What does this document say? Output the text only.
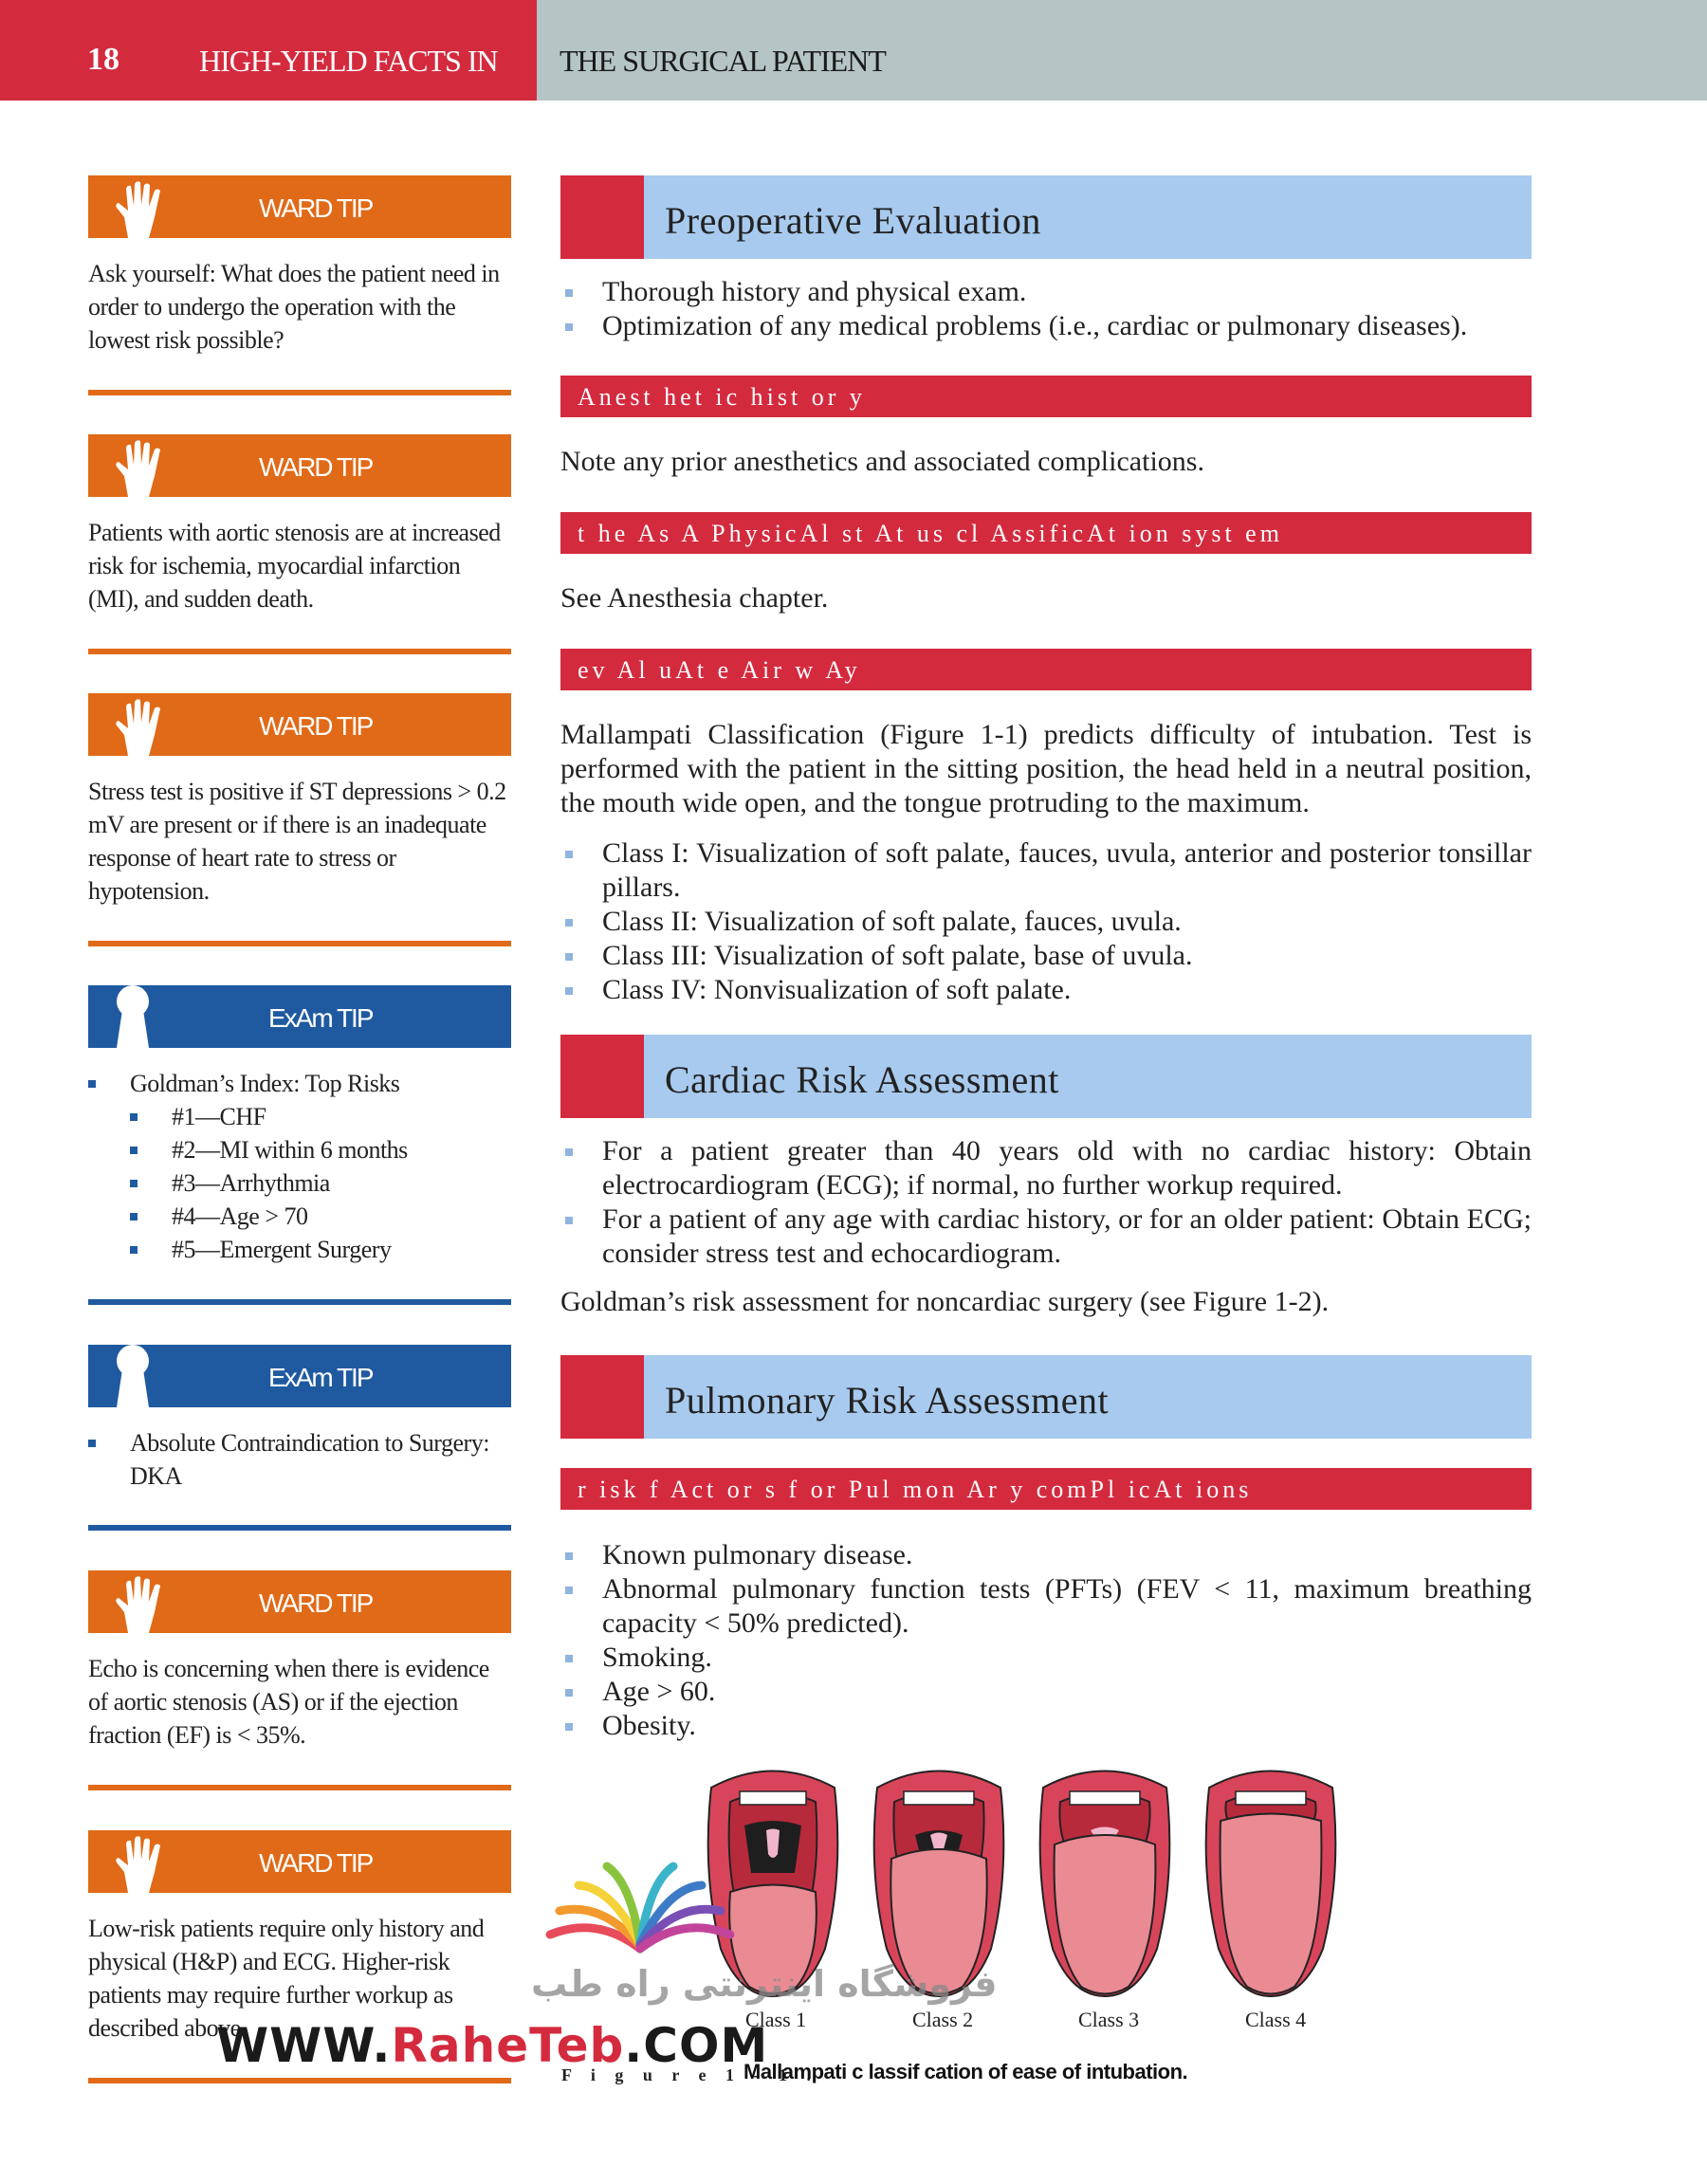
18	HIGH-YIELD FACTS IN THE SURGICAL PATIENT
WARD TIP
Ask yourself: What does the patient need in order to undergo the operation with the lowest risk possible?
WARD TIP
Patients with aortic stenosis are at increased risk for ischemia, myocardial infarction (MI), and sudden death.
WARD TIP
Stress test is positive if ST depressions > 0.2 mV are present or if there is an inadequate response of heart rate to stress or hypotension.
ExAm TIP
Goldman’s Index: Top Risks
#1—CHF
#2—MI within 6 months
#3—Arrhythmia
#4—Age > 70
#5—Emergent Surgery
ExAm TIP
Absolute Contraindication to Surgery: DKA
WARD TIP
Echo is concerning when there is evidence of aortic stenosis (AS) or if the ejection fraction (EF) is < 35%.
WARD TIP
Low-risk patients require only history and physical (H&P) and ECG. Higher-risk patients may require further workup as described above.
Preoperative Evaluation
Thorough history and physical exam.
Optimization of any medical problems (i.e., cardiac or pulmonary diseases).
Anest het ic hist or y
Note any prior anesthetics and associated complications.
t he As A PhysicAl st At us cl AssificAt ion syst em
See Anesthesia chapter.
ev Al uAt e Air w Ay
Mallampati Classification (Figure 1-1) predicts difficulty of intubation. Test is performed with the patient in the sitting position, the head held in a neutral position, the mouth wide open, and the tongue protruding to the maximum.
Class I: Visualization of soft palate, fauces, uvula, anterior and posterior tonsillar pillars.
Class II: Visualization of soft palate, fauces, uvula.
Class III: Visualization of soft palate, base of uvula.
Class IV: Nonvisualization of soft palate.
Cardiac Risk Assessment
For a patient greater than 40 years old with no cardiac history: Obtain electrocardiogram (ECG); if normal, no further workup required.
For a patient of any age with cardiac history, or for an older patient: Obtain ECG; consider stress test and echocardiogram.
Goldman’s risk assessment for noncardiac surgery (see Figure 1-2).
Pulmonary Risk Assessment
r isk f Act or s f or Pul mon Ar y comPl icAt ions
Known pulmonary disease.
Abnormal pulmonary function tests (PFTs) (FEV < 11, maximum breathing capacity < 50% predicted).
Smoking.
Age > 60.
Obesity.
Class 1	Class 2	Class 3	Class 4
F i g u r e 1 - 1 .
Mallampati c lassif cation of ease of intubation.
فروشگاه اینترنتی راه طب
WWW.RaheTeb.COM
